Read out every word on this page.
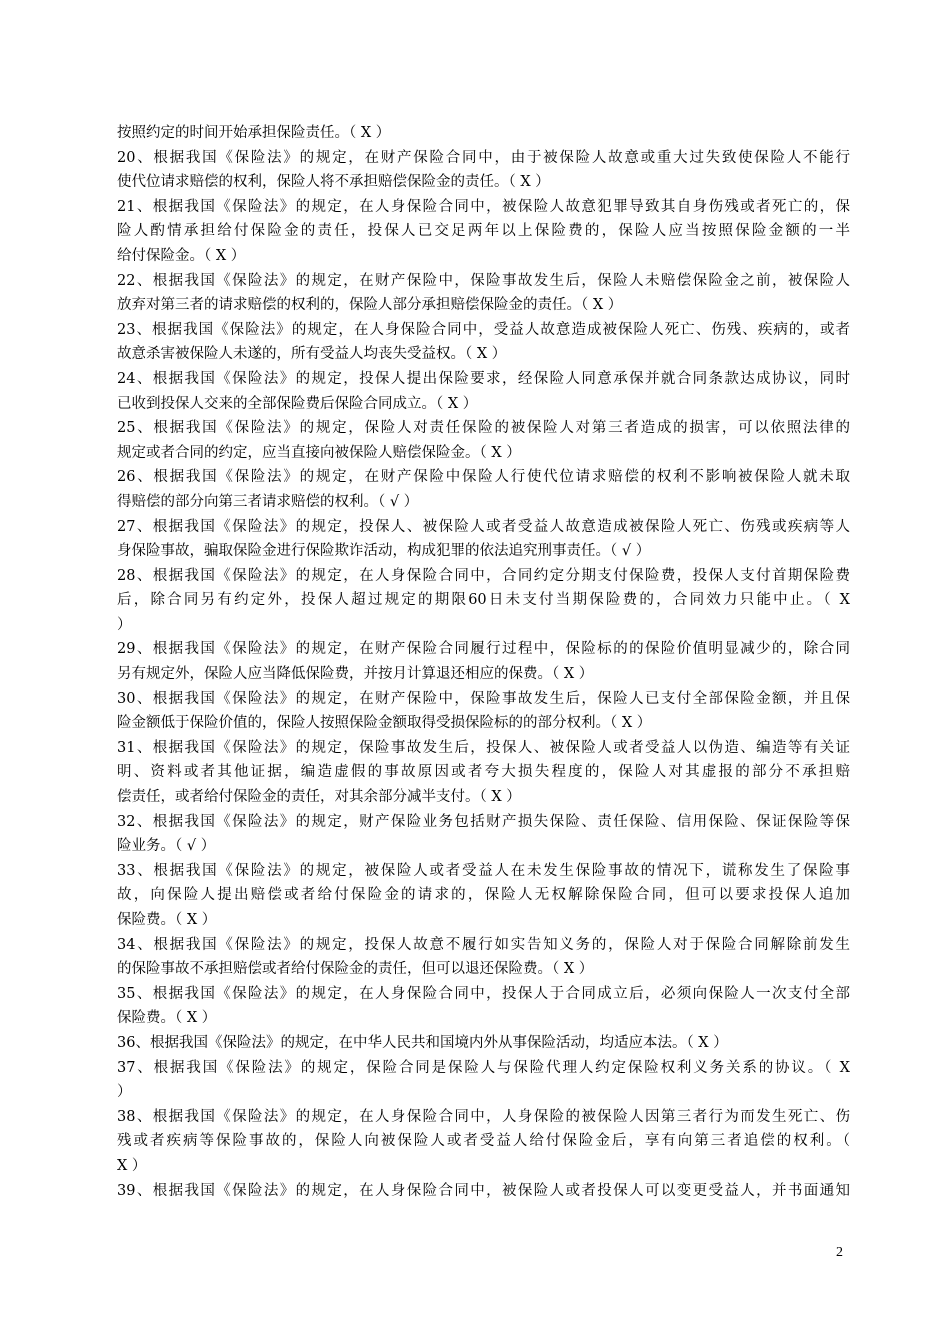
按照约定的时间开始承担保险责任。（ X ）
20、根据我国《保险法》的规定，在财产保险合同中，由于被保险人故意或重大过失致使保险人不能行
使代位请求赔偿的权利，保险人将不承担赔偿保险金的责任。（ X ）
21、根据我国《保险法》的规定，在人身保险合同中，被保险人故意犯罪导致其自身伤残或者死亡的，保
险人酌情承担给付保险金的责任，投保人已交足两年以上保险费的，保险人应当按照保险金额的一半
给付保险金。（ X ）
22、根据我国《保险法》的规定，在财产保险中，保险事故发生后，保险人未赔偿保险金之前，被保险人
放弃对第三者的请求赔偿的权利的，保险人部分承担赔偿保险金的责任。（ X ）
23、根据我国《保险法》的规定，在人身保险合同中，受益人故意造成被保险人死亡、伤残、疾病的，或者
故意杀害被保险人未遂的，所有受益人均丧失受益权。（ X ）
24、根据我国《保险法》的规定，投保人提出保险要求，经保险人同意承保并就合同条款达成协议，同时
已收到投保人交来的全部保险费后保险合同成立。（ X ）
25、根据我国《保险法》的规定，保险人对责任保险的被保险人对第三者造成的损害，可以依照法律的
规定或者合同的约定，应当直接向被保险人赔偿保险金。（ X ）
26、根据我国《保险法》的规定，在财产保险中保险人行使代位请求赔偿的权利不影响被保险人就未取
得赔偿的部分向第三者请求赔偿的权利。（ √ ）
27、根据我国《保险法》的规定，投保人、被保险人或者受益人故意造成被保险人死亡、伤残或疾病等人
身保险事故，骗取保险金进行保险欺诈活动，构成犯罪的依法追究刑事责任。（ √ ）
28、根据我国《保险法》的规定，在人身保险合同中，合同约定分期支付保险费，投保人支付首期保险费
后，除合同另有约定外，投保人超过规定的期限60日未支付当期保险费的，合同效力只能中止。（ X
）
29、根据我国《保险法》的规定，在财产保险合同履行过程中，保险标的的保险价值明显减少的，除合同
另有规定外，保险人应当降低保险费，并按月计算退还相应的保费。（ X ）
30、根据我国《保险法》的规定，在财产保险中，保险事故发生后，保险人已支付全部保险金额，并且保
险金额低于保险价值的，保险人按照保险金额取得受损保险标的的部分权利。（ X ）
31、根据我国《保险法》的规定，保险事故发生后，投保人、被保险人或者受益人以伪造、编造等有关证
明、资料或者其他证据，编造虚假的事故原因或者夸大损失程度的，保险人对其虚报的部分不承担赔
偿责任，或者给付保险金的责任，对其余部分减半支付。（ X ）
32、根据我国《保险法》的规定，财产保险业务包括财产损失保险、责任保险、信用保险、保证保险等保
险业务。（ √ ）
33、根据我国《保险法》的规定，被保险人或者受益人在未发生保险事故的情况下，谎称发生了保险事
故，向保险人提出赔偿或者给付保险金的请求的，保险人无权解除保险合同，但可以要求投保人追加
保险费。（ X ）
34、根据我国《保险法》的规定，投保人故意不履行如实告知义务的，保险人对于保险合同解除前发生
的保险事故不承担赔偿或者给付保险金的责任，但可以退还保险费。（ X ）
35、根据我国《保险法》的规定，在人身保险合同中，投保人于合同成立后，必须向保险人一次支付全部
保险费。（ X ）
36、根据我国《保险法》的规定，在中华人民共和国境内外从事保险活动，均适应本法。（ X ）
37、根据我国《保险法》的规定，保险合同是保险人与保险代理人约定保险权利义务关系的协议。（ X
）
38、根据我国《保险法》的规定，在人身保险合同中，人身保险的被保险人因第三者行为而发生死亡、伤
残或者疾病等保险事故的，保险人向被保险人或者受益人给付保险金后，享有向第三者追偿的权利。（
X ）
39、根据我国《保险法》的规定，在人身保险合同中，被保险人或者投保人可以变更受益人，并书面通知
2
